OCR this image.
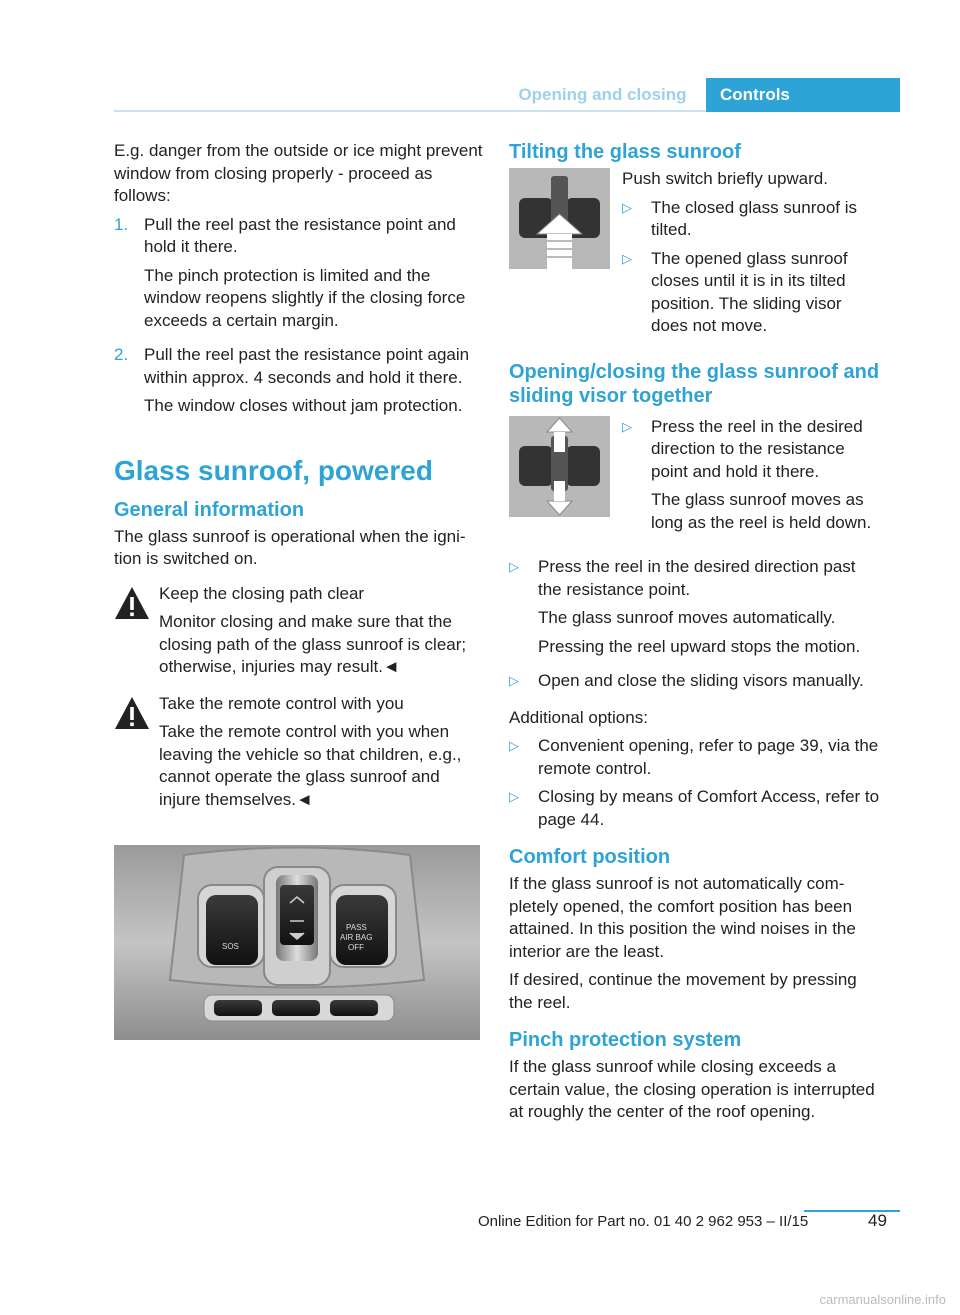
Opening and closing	Controls

E.g. danger from the outside or ice might prevent window from closing properly - proceed as follows:

1. Pull the reel past the resistance point and hold it there.

The pinch protection is limited and the window reopens slightly if the closing force exceeds a certain margin.

2. Pull the reel past the resistance point again within approx. 4 seconds and hold it there.

The window closes without jam protection.

Glass sunroof, powered
General information

The glass sunroof is operational when the ignition is switched on.

Keep the closing path clear

Monitor closing and make sure that the closing path of the glass sunroof is clear; otherwise, injuries may result.◄

Take the remote control with you

Take the remote control with you when leaving the vehicle so that children, e.g., cannot operate the glass sunroof and injure themselves.◄

SOS
PASS
AIR BAG
OFF
Tilting the glass sunroof

Push switch briefly upward.

▷	The closed glass sunroof is tilted.
▷	The opened glass sunroof closes until it is in its tilted position. The sliding visor does not move.
Opening/closing the glass sunroof and sliding visor together
▷	Press the reel in the desired direction to the resistance point and hold it there.

The glass sunroof moves as long as the reel is held down.

▷	Press the reel in the desired direction past the resistance point.

The glass sunroof moves automatically.

Pressing the reel upward stops the motion.

▷	Open and close the sliding visors manually.

Additional options:

▷	Convenient opening, refer to page 39, via the remote control.
▷	Closing by means of Comfort Access, refer to page 44.
Comfort position

If the glass sunroof is not automatically completely opened, the comfort position has been attained. In this position the wind noises in the interior are the least.

If desired, continue the movement by pressing the reel.

Pinch protection system

If the glass sunroof while closing exceeds a certain value, the closing operation is interrupted at roughly the center of the roof opening.

Online Edition for Part no. 01 40 2 962 953 – II/15	49
carmanualsonline.info
